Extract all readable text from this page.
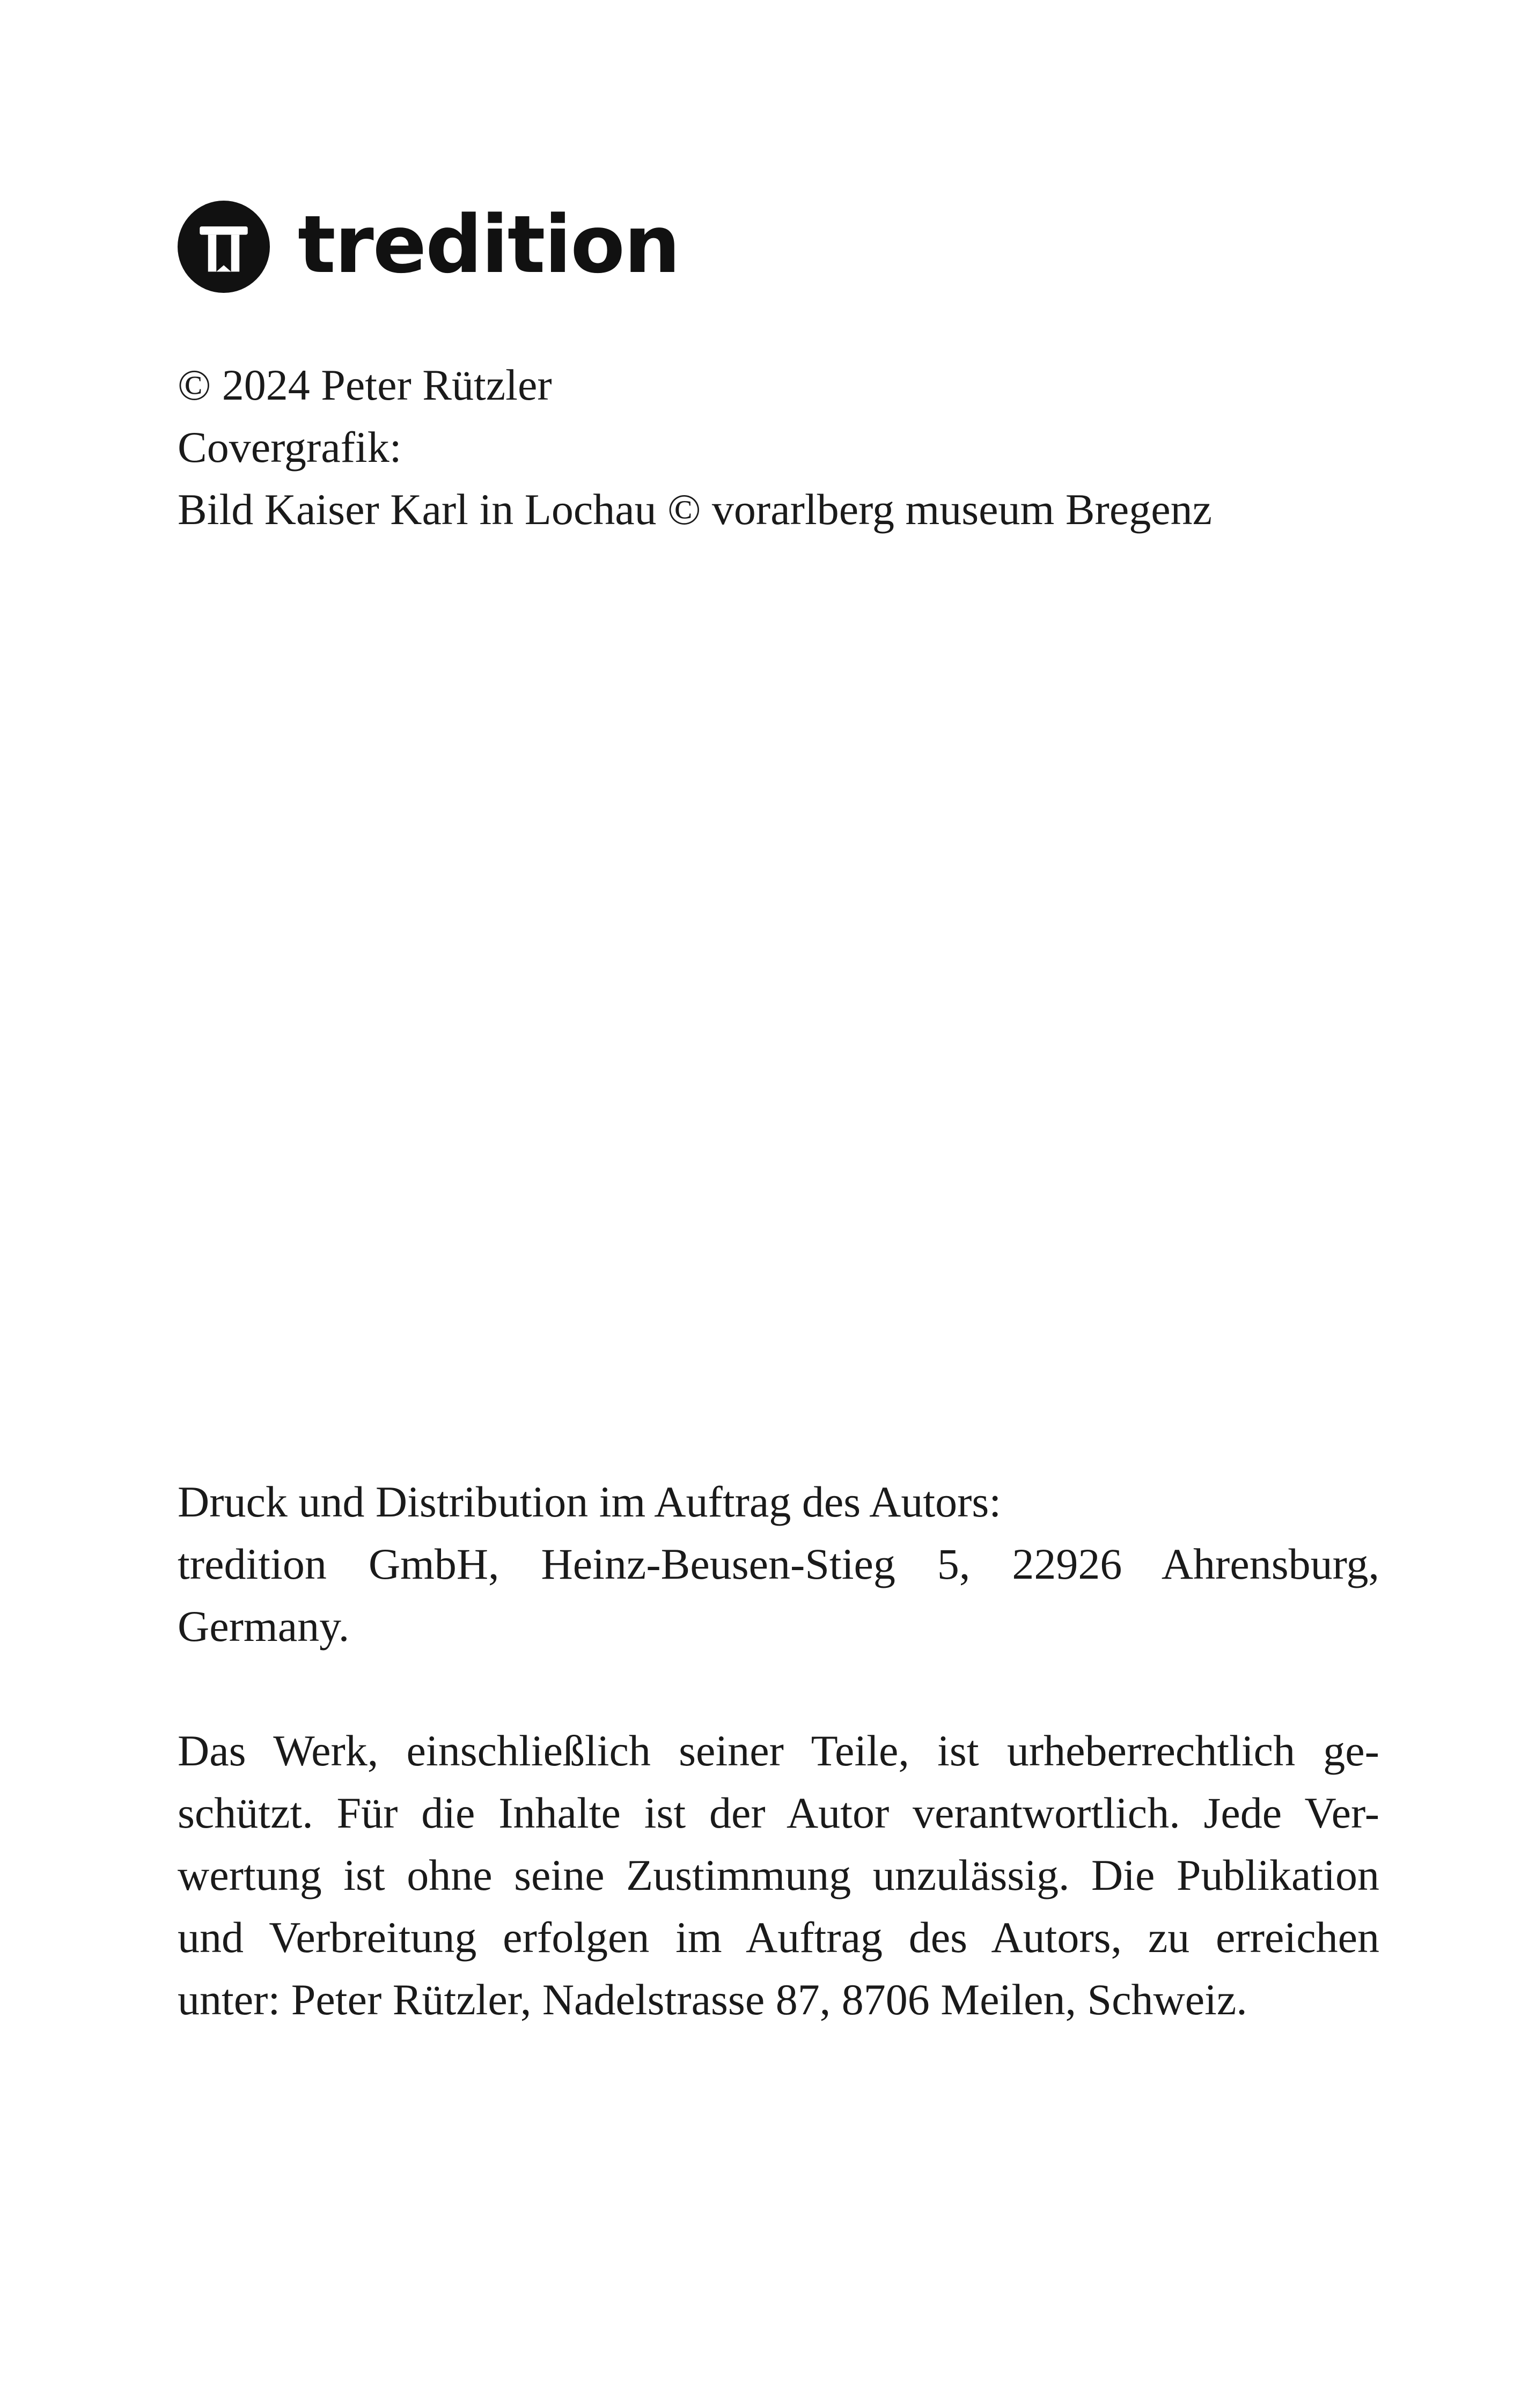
tredition
© 2024 Peter Rützler
Covergrafik:
Bild Kaiser Karl in Lochau © vorarlberg museum Bregenz
Druck und Distribution im Auftrag des Autors:
tredition GmbH, Heinz-Beusen-Stieg 5, 22926 Ahrensburg,
Germany.
Das Werk, einschließlich seiner Teile, ist urheberrechtlich ge-
schützt. Für die Inhalte ist der Autor verantwortlich. Jede Ver-
wertung ist ohne seine Zustimmung unzulässig. Die Publikation
und Verbreitung erfolgen im Auftrag des Autors, zu erreichen
unter: Peter Rützler, Nadelstrasse 87, 8706 Meilen, Schweiz.
